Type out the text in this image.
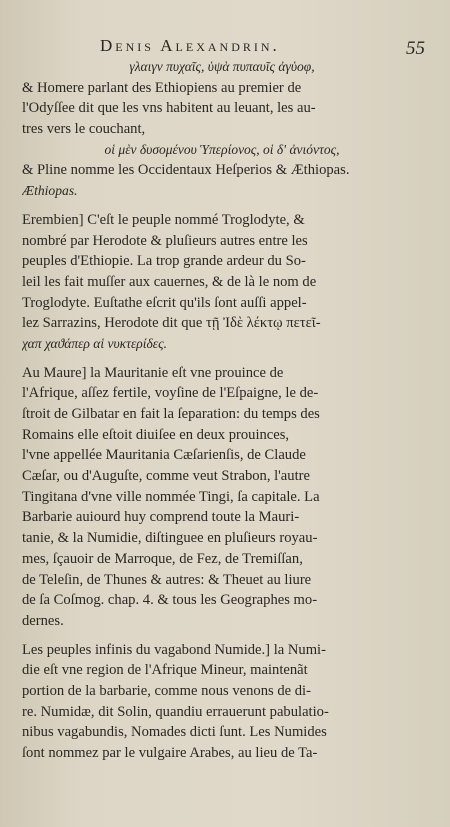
Denis Alexandrin.	55
γλαιγν πυχαῖς, ὑψὰ πυπαυῖς ἀγὑοφ,
& Homere parlant des Ethiopiens au premier de
l'Odyſſee dit que les vns habitent au leuant, les au-
tres vers le couchant,
οἱ μὲν δυσομένου Ὑπερίονος, οἱ δ' ἀνιόντος,
& Pline nomme les Occidentaux Heſperios & Æthiopas.
Æthiopas.
Erembien] C'eſt le peuple nommé Troglodyte, &
nombré par Herodote & pluſieurs autres entre les
peuples d'Ethiopie. La trop grande ardeur du So-
leil les fait muſſer aux cauernes, & de là le nom de
Troglodyte. Euſtathe eſcrit qu'ils ſont auſſi appel-
lez Sarrazins, Herodote dit que τῇ Ἰδὲ λέκτῳ πετεῖ-
χαπ χαϑάπερ αἱ νυκτερίδες.
Au Maure] la Mauritanie eſt vne prouince de
l'Afrique, aſſez fertile, voyſine de l'Eſpaigne, le de-
ſtroit de Gilbatar en fait la ſeparation: du temps des
Romains elle eſtoit diuiſee en deux prouinces,
l'vne appellée Mauritania Cæſarienſis, de Claude
Cæſar, ou d'Auguſte, comme veut Strabon, l'autre
Tingitana d'vne ville nommée Tingi, ſa capitale. La
Barbarie auiourd huy comprend toute la Mauri-
tanie, & la Numidie, diſtinguee en pluſieurs royau-
mes, ſçauoir de Marroque, de Fez, de Tremiſſan,
de Teleſin, de Thunes & autres: & Theuet au liure
de ſa Coſmog. chap. 4. & tous les Geographes mo-
dernes.
Les peuples infinis du vagabond Numide.] la Numi-
die eſt vne region de l'Afrique Mineur, maintenãt
portion de la barbarie, comme nous venons de di-
re. Numidæ, dit Solin, quandiu errauerunt pabulatio-
nibus vagabundis, Nomades dicti ſunt. Les Numides
ſont nommez par le vulgaire Arabes, au lieu de Ta-
